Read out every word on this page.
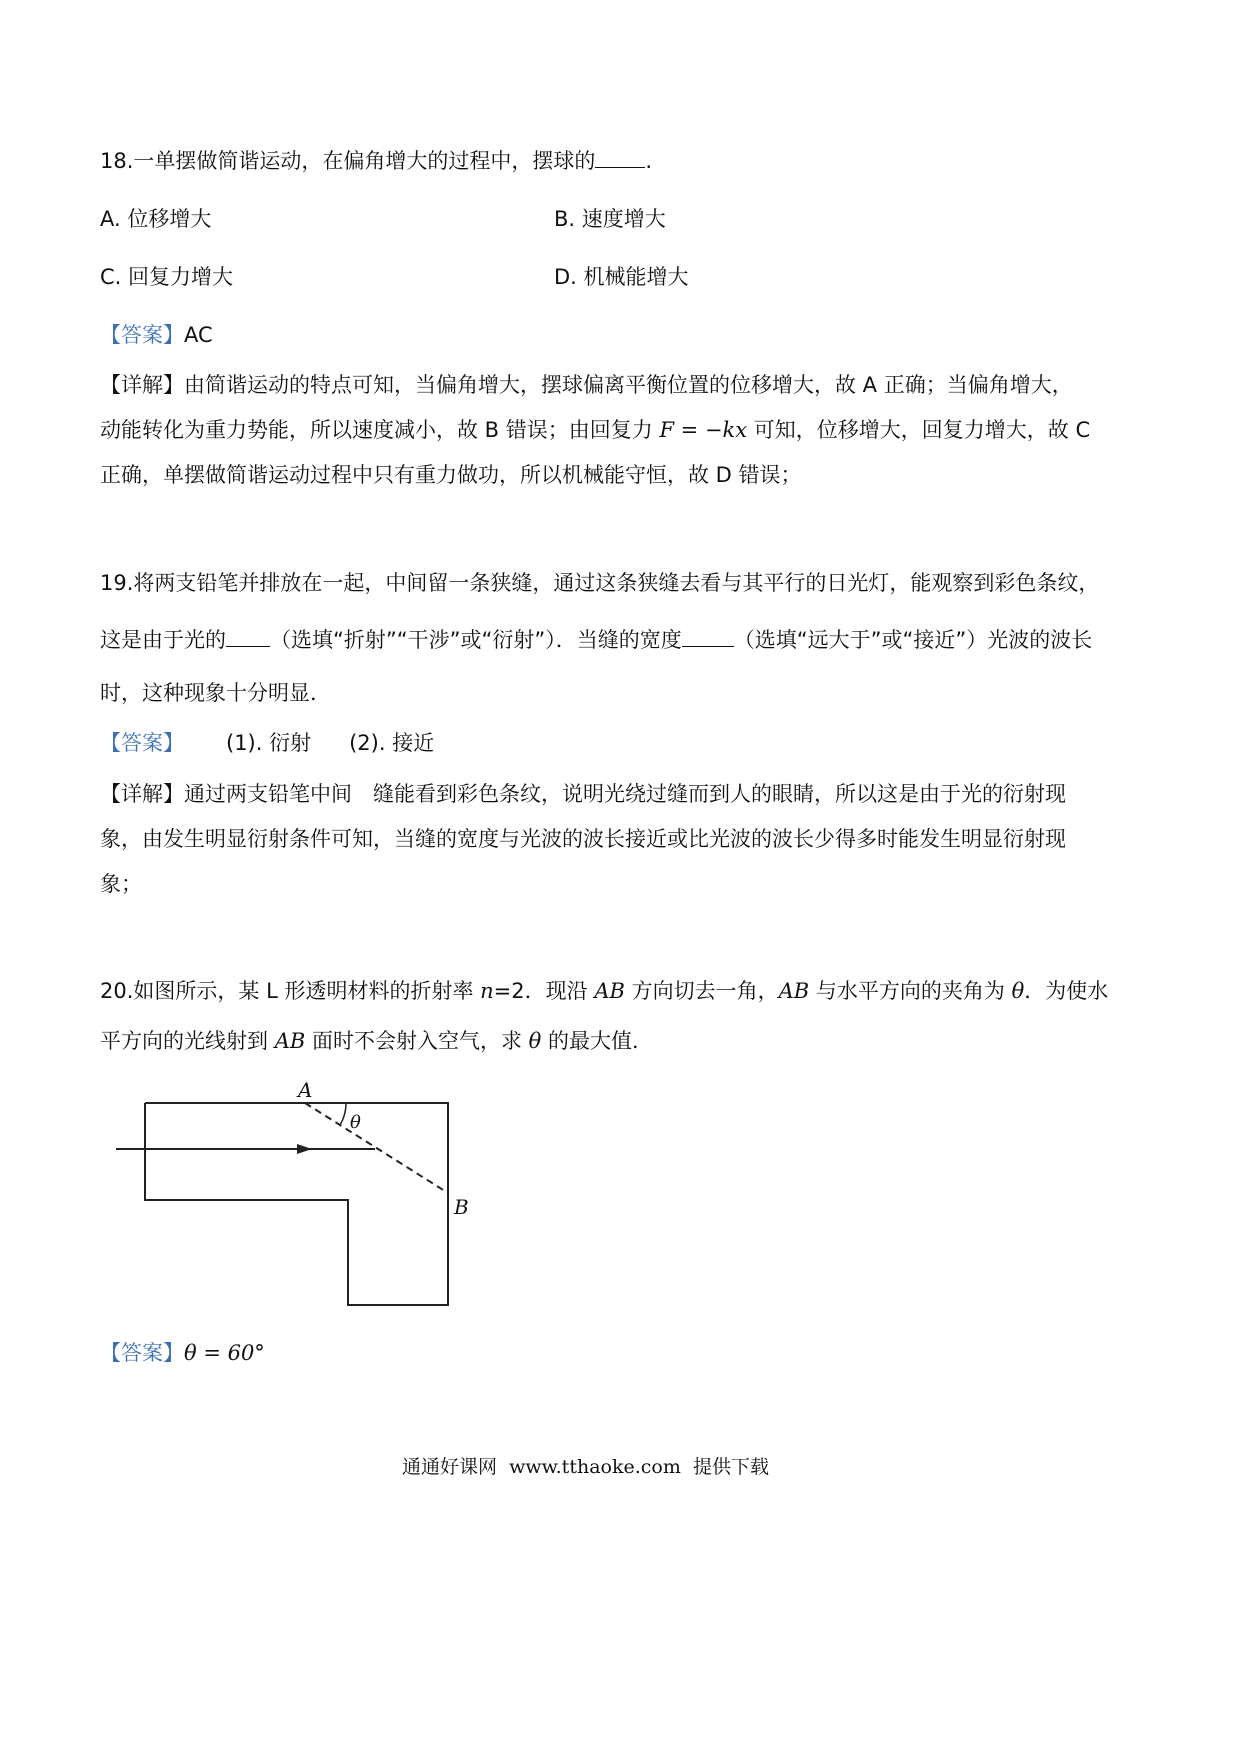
18.一单摆做简谐运动，在偏角增大的过程中，摆球的 .
A. 位移增大	B. 速度增大
C. 回复力增大	D. 机械能增大
【答案】AC
【详解】由简谐运动的特点可知，当偏角增大，摆球偏离平衡位置的位移增大，故 A 正确；当偏角增大，
动能转化为重力势能，所以速度减小，故 B 错误；由回复力 F = −kx 可知，位移增大，回复力增大，故 C
正确，单摆做简谐运动过程中只有重力做功，所以机械能守恒，故 D 错误；
19.将两支铅笔并排放在一起，中间留一条狭缝，通过这条狭缝去看与其平行的日光灯，能观察到彩色条纹，
这是由于光的 （选填“折射”“干涉”或“衍射”）．当缝的宽度 （选填“远大于”或“接近”）光波的波长
时，这种现象十分明显．
【答案】 (1). 衍射 (2). 接近
【详解】通过两支铅笔中间　缝能看到彩色条纹，说明光绕过缝而到人的眼睛，所以这是由于光的衍射现
象，由发生明显衍射条件可知，当缝的宽度与光波的波长接近或比光波的波长少得多时能发生明显衍射现
象；
20.如图所示，某 L 形透明材料的折射率 n=2．现沿 AB 方向切去一角，AB 与水平方向的夹角为 θ．为使水
平方向的光线射到 AB 面时不会射入空气，求 θ 的最大值．
A
B
θ
【答案】θ = 60°
通通好课网 www.tthaoke.com 提供下载
